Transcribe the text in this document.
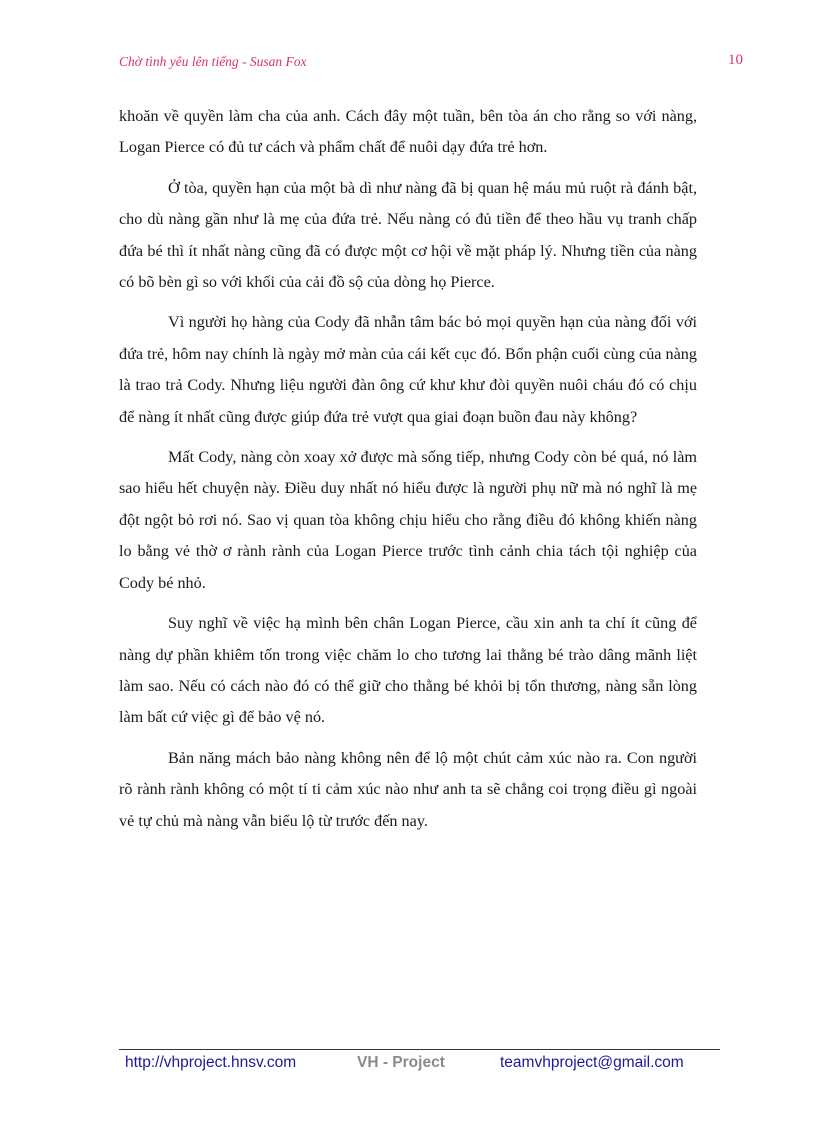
Chờ tình yêu lên tiếng - Susan Fox	10

khoăn về quyền làm cha của anh. Cách đây một tuần, bên tòa án cho rằng so với nàng, Logan Pierce có đủ tư cách và phẩm chất để nuôi dạy đứa trẻ hơn.

Ở tòa, quyền hạn của một bà dì như nàng đã bị quan hệ máu mủ ruột rà đánh bật, cho dù nàng gần như là mẹ của đứa trẻ. Nếu nàng có đủ tiền để theo hầu vụ tranh chấp đứa bé thì ít nhất nàng cũng đã có được một cơ hội về mặt pháp lý. Nhưng tiền của nàng có bõ bèn gì so với khối của cải đồ sộ của dòng họ Pierce.

Vì người họ hàng của Cody đã nhẫn tâm bác bỏ mọi quyền hạn của nàng đối với đứa trẻ, hôm nay chính là ngày mở màn của cái kết cục đó. Bổn phận cuối cùng của nàng là trao trả Cody. Nhưng liệu người đàn ông cứ khư khư đòi quyền nuôi cháu đó có chịu để nàng ít nhất cũng được giúp đứa trẻ vượt qua giai đoạn buồn đau này không?

Mất Cody, nàng còn xoay xở được mà sống tiếp, nhưng Cody còn bé quá, nó làm sao hiểu hết chuyện này. Điều duy nhất nó hiểu được là người phụ nữ mà nó nghĩ là mẹ đột ngột bỏ rơi nó. Sao vị quan tòa không chịu hiểu cho rằng điều đó không khiến nàng lo bằng vẻ thờ ơ rành rành của Logan Pierce trước tình cảnh chia tách tội nghiệp của Cody bé nhỏ.

Suy nghĩ về việc hạ mình bên chân Logan Pierce, cầu xin anh ta chí ít cũng để nàng dự phần khiêm tốn trong việc chăm lo cho tương lai thằng bé trào dâng mãnh liệt làm sao. Nếu có cách nào đó có thể giữ cho thằng bé khỏi bị tổn thương, nàng sẵn lòng làm bất cứ việc gì để bảo vệ nó.

Bản năng mách bảo nàng không nên để lộ một chút cảm xúc nào ra. Con người rõ rành rành không có một tí ti cảm xúc nào như anh ta sẽ chẳng coi trọng điều gì ngoài vẻ tự chủ mà nàng vẫn biểu lộ từ trước đến nay.

http://vhproject.hnsv.com	VH - Project	teamvhproject@gmail.com
